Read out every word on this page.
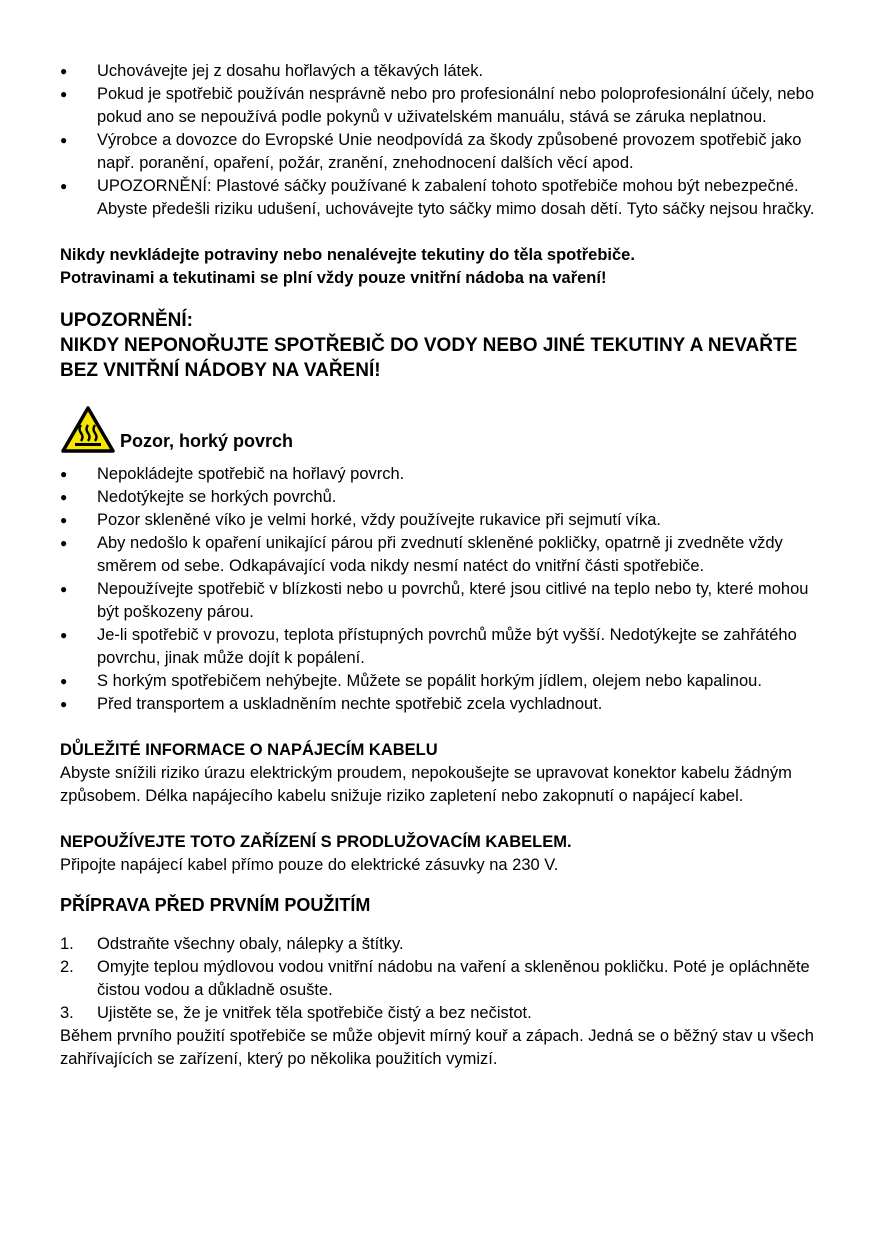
● Uchovávejte jej z dosahu hořlavých a těkavých látek.
● Pokud je spotřebič používán nesprávně nebo pro profesionální nebo poloprofesionální účely, nebo pokud ano se nepoužívá podle pokynů v uživatelském manuálu, stává se záruka neplatnou.
● Výrobce a dovozce do Evropské Unie neodpovídá za škody způsobené provozem spotřebič jako např. poranění, opaření, požár, zranění, znehodnocení dalších věcí apod.
● UPOZORNĚNÍ: Plastové sáčky používané k zabalení tohoto spotřebiče mohou být nebezpečné. Abyste předešli riziku udušení, uchovávejte tyto sáčky mimo dosah dětí. Tyto sáčky nejsou hračky.

Nikdy nevkládejte potraviny nebo nenalévejte tekutiny do těla spotřebiče.

Potravinami a tekutinami se plní vždy pouze vnitřní nádoba na vaření!

UPOZORNĚNÍ:
NIKDY NEPONOŘUJTE SPOTŘEBIČ DO VODY NEBO JINÉ TEKUTINY A NEVAŘTE BEZ VNITŘNÍ NÁDOBY NA VAŘENÍ!
Pozor, horký povrch
● Nepokládejte spotřebič na hořlavý povrch.
● Nedotýkejte se horkých povrchů.
● Pozor skleněné víko je velmi horké, vždy používejte rukavice při sejmutí víka.
● Aby nedošlo k opaření unikající párou při zvednutí skleněné pokličky, opatrně ji zvedněte vždy směrem od sebe. Odkapávající voda nikdy nesmí natéct do vnitřní části spotřebiče.
● Nepoužívejte spotřebič v blízkosti nebo u povrchů, které jsou citlivé na teplo nebo ty, které mohou být poškozeny párou.
● Je-li spotřebič v provozu, teplota přístupných povrchů může být vyšší. Nedotýkejte se zahřátého povrchu, jinak může dojít k popálení.
● S horkým spotřebičem nehýbejte. Můžete se popálit horkým jídlem, olejem nebo kapalinou.
● Před transportem a uskladněním nechte spotřebič zcela vychladnout.

DŮLEŽITÉ INFORMACE O NAPÁJECÍM KABELU

Abyste snížili riziko úrazu elektrickým proudem, nepokoušejte se upravovat konektor kabelu žádným způsobem. Délka napájecího kabelu snižuje riziko zapletení nebo zakopnutí o napájecí kabel.

NEPOUŽÍVEJTE TOTO ZAŘÍZENÍ S PRODLUŽOVACÍM KABELEM.

Připojte napájecí kabel přímo pouze do elektrické zásuvky na 230 V.

PŘÍPRAVA PŘED PRVNÍM POUŽITÍM
1. Odstraňte všechny obaly, nálepky a štítky.
2. Omyjte teplou mýdlovou vodou vnitřní nádobu na vaření a skleněnou pokličku. Poté je opláchněte čistou vodou a důkladně osušte.
3. Ujistěte se, že je vnitřek těla spotřebiče čistý a bez nečistot.

Během prvního použití spotřebiče se může objevit mírný kouř a zápach. Jedná se o běžný stav u všech zahřívajících se zařízení, který po několika použitích vymizí.
